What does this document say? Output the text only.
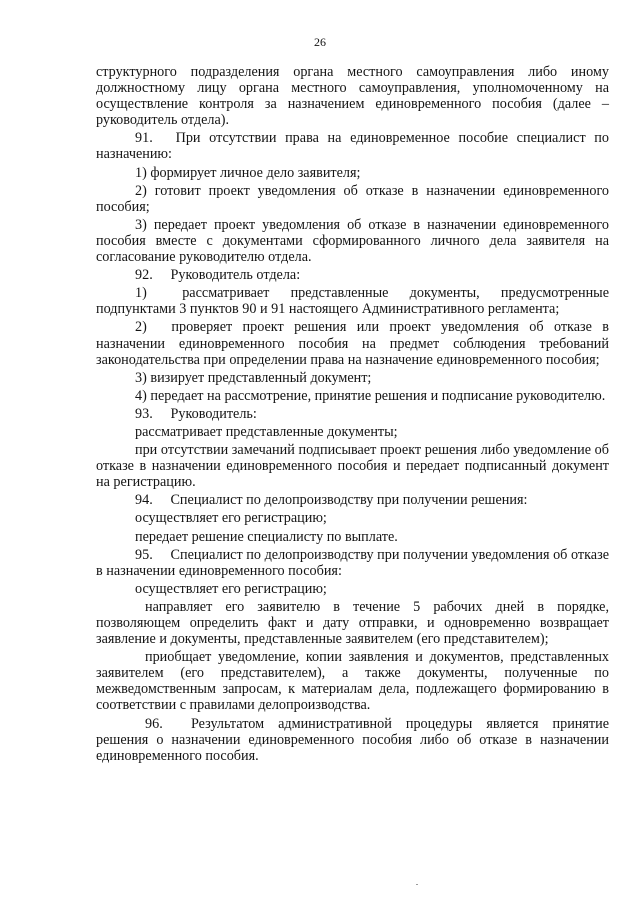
26

структурного подразделения органа местного самоуправления либо иному должностному лицу органа местного самоуправления, уполномоченному на осуществление контроля за назначением единовременного пособия (далее – руководитель отдела).

91.  При отсутствии права на единовременное пособие специалист по назначению:

1) формирует личное дело заявителя;

2) готовит проект уведомления об отказе в назначении единовременного пособия;

3) передает проект уведомления об отказе в назначении единовременного пособия вместе с документами сформированного личного дела заявителя на согласование руководителю отдела.

92.  Руководитель отдела:

1)  рассматривает представленные документы, предусмотренные подпунктами 3 пунктов 90 и 91 настоящего Административного регламента;

2)  проверяет проект решения или проект уведомления об отказе в назначении единовременного пособия на предмет соблюдения требований законодательства при определении права на назначение единовременного пособия;

3) визирует представленный документ;

4) передает на рассмотрение, принятие решения и подписание руководителю.

93.  Руководитель:

рассматривает представленные документы;

при отсутствии замечаний подписывает проект решения либо уведомление об отказе в назначении единовременного пособия и передает подписанный документ на регистрацию.

94.  Специалист по делопроизводству при получении решения:

осуществляет его регистрацию;

передает решение специалисту по выплате.

95.  Специалист по делопроизводству при получении уведомления об отказе в назначении единовременного пособия:

осуществляет его регистрацию;

направляет его заявителю в течение 5 рабочих дней в порядке, позволяющем определить факт и дату отправки, и одновременно возвращает заявление и документы, представленные заявителем (его представителем);

приобщает уведомление, копии заявления и документов, представленных заявителем (его представителем), а также документы, полученные по межведомственным запросам, к материалам дела, подлежащего формированию в соответствии с правилами делопроизводства.

96.  Результатом административной процедуры является принятие решения о назначении единовременного пособия либо об отказе в назначении единовременного пособия.
